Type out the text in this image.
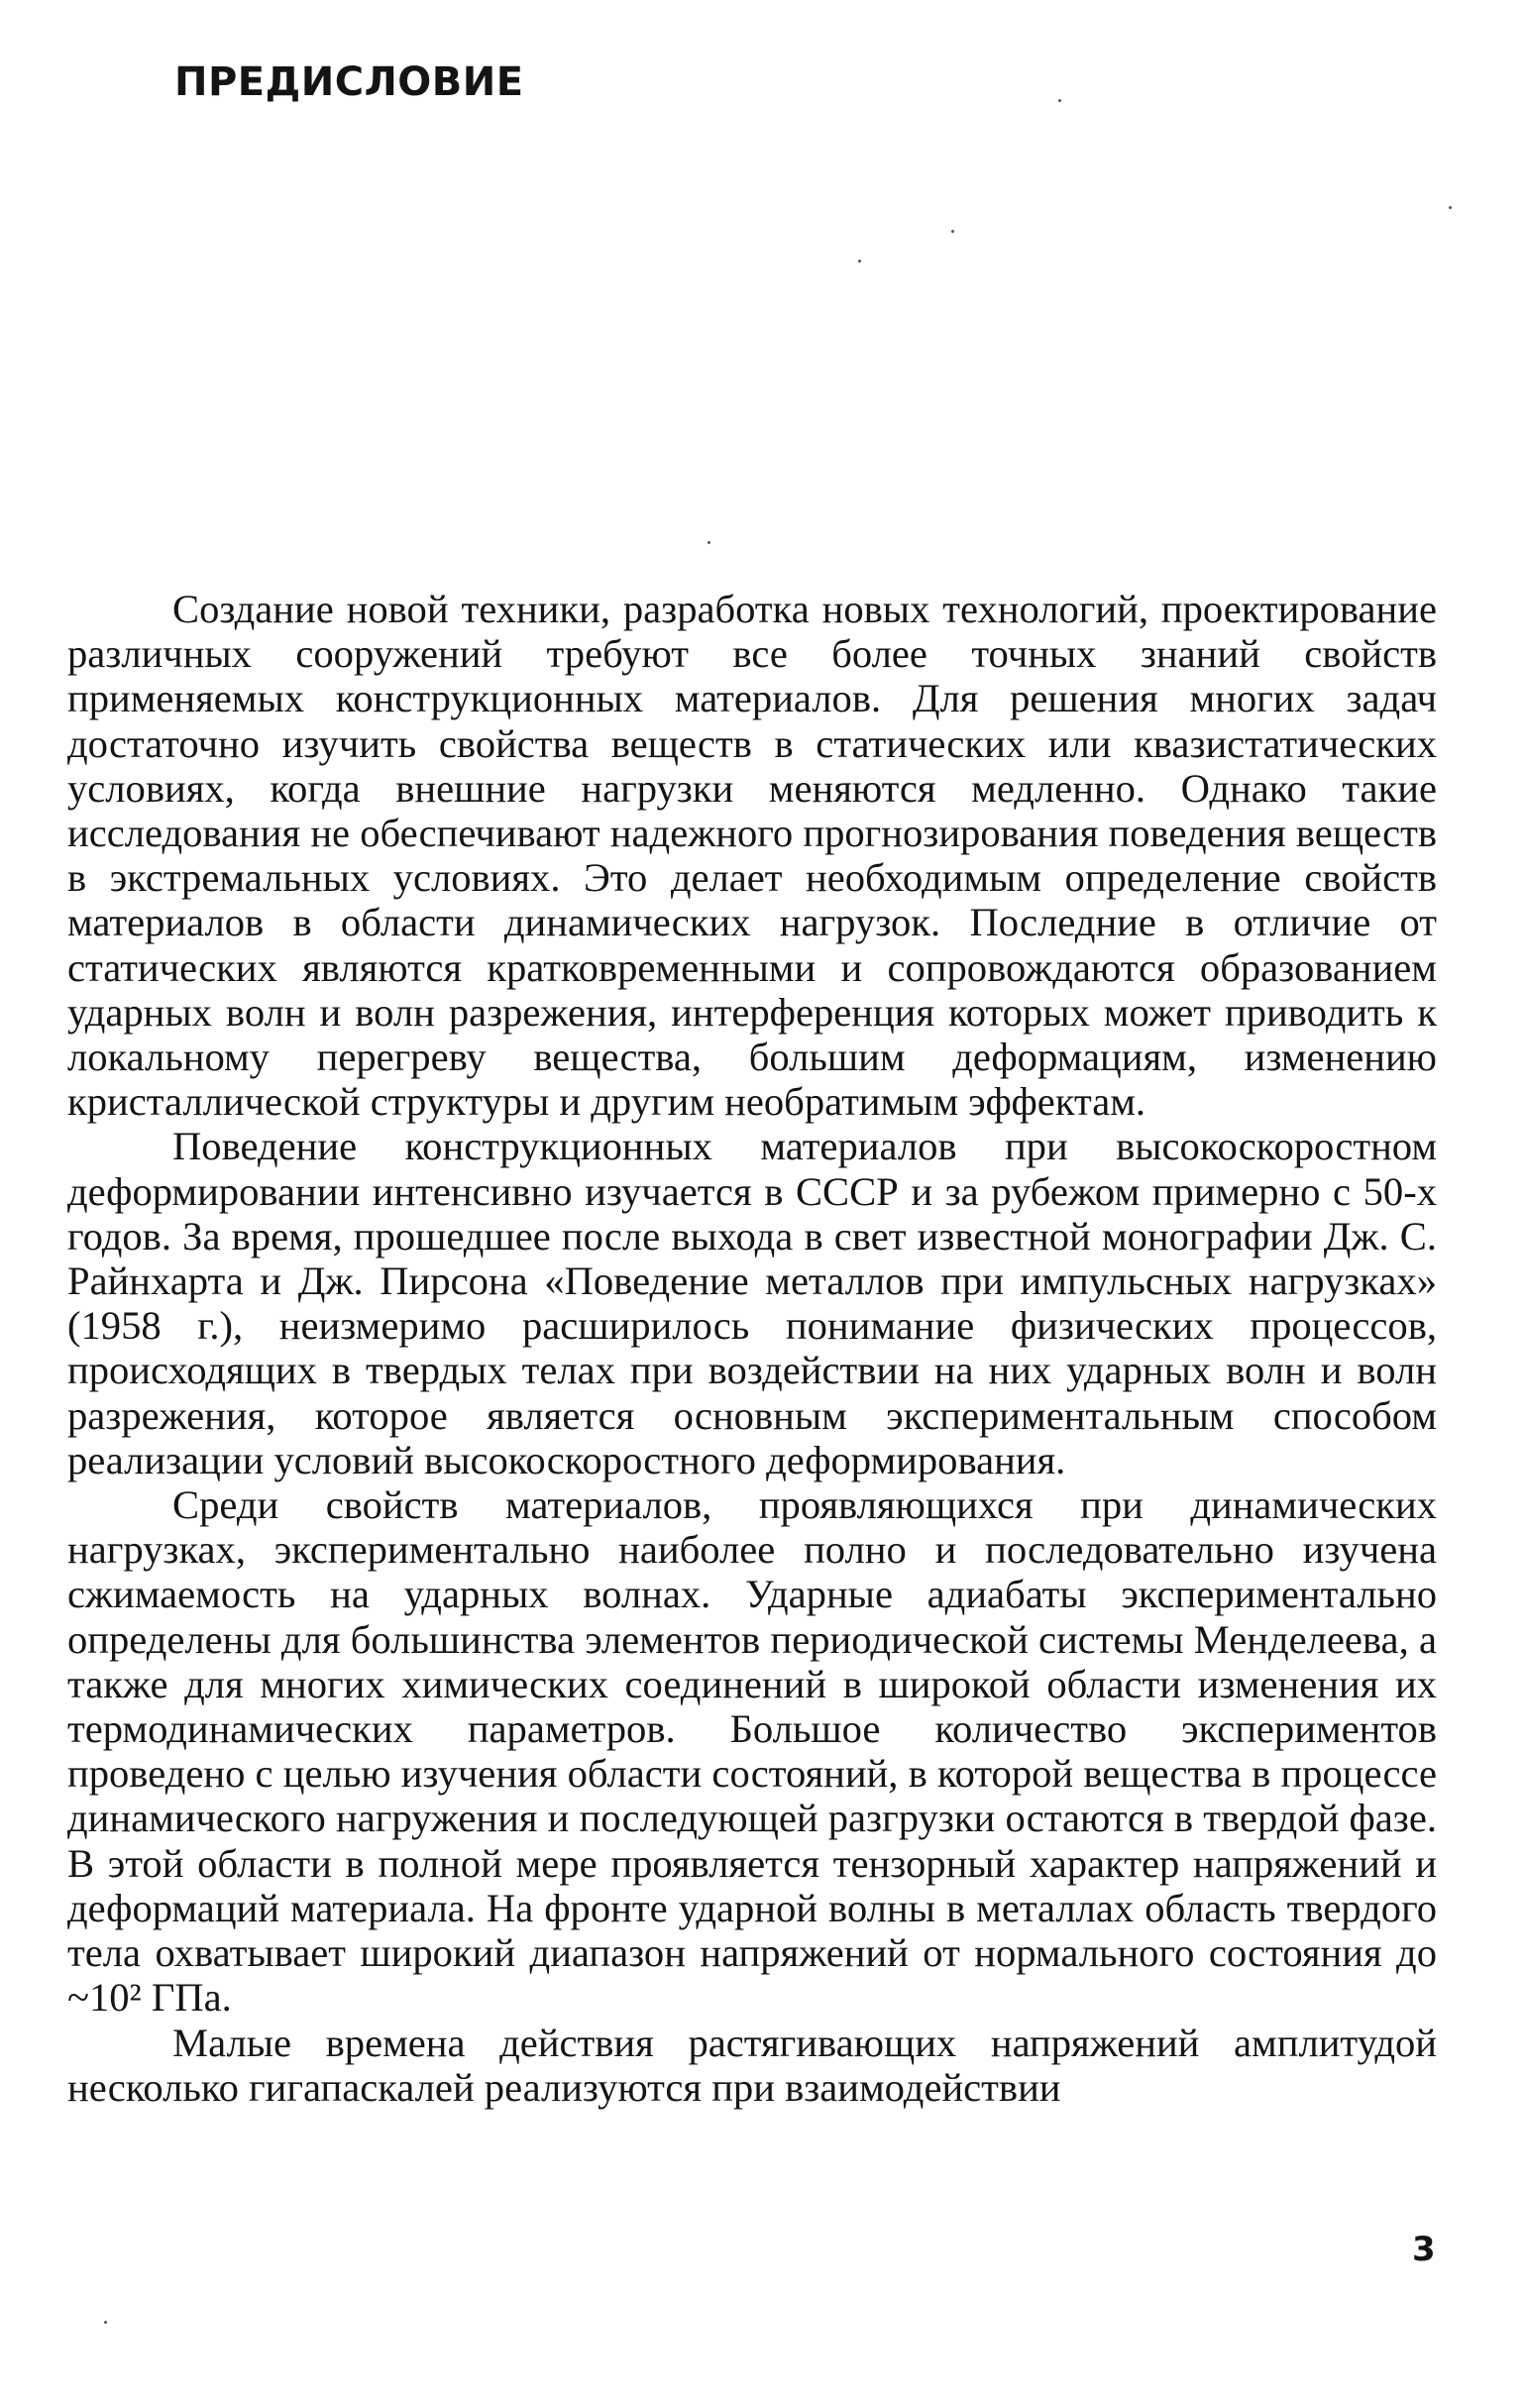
ПРЕДИСЛОВИЕ

Создание новой техники, разработка новых технологий, проектирование различных сооружений требуют все более точных знаний свойств применяемых конструкционных материалов. Для решения многих задач достаточно изучить свойства веществ в статических или квазистатических условиях, когда внешние нагрузки меняются медленно. Однако такие исследования не обеспечивают надежного прогнозирования поведения веществ в экстремальных условиях. Это делает необходимым определение свойств материалов в области динамических нагрузок. Последние в отличие от статических являются кратковременными и сопровождаются образованием ударных волн и волн разрежения, интерференция которых может приводить к локальному перегреву вещества, большим деформациям, изменению кристаллической структуры и другим необратимым эффектам.

Поведение конструкционных материалов при высокоскоростном деформировании интенсивно изучается в СССР и за рубежом примерно с 50-х годов. За время, прошедшее после выхода в свет известной монографии Дж. С. Райнхарта и Дж. Пирсона «Поведение металлов при импульсных нагрузках» (1958 г.), неизмеримо расширилось понимание физических процессов, происходящих в твердых телах при воздействии на них ударных волн и волн разрежения, которое является основным экспериментальным способом реализации условий высокоскоростного деформирования.

Среди свойств материалов, проявляющихся при динамических нагрузках, экспериментально наиболее полно и последовательно изучена сжимаемость на ударных волнах. Ударные адиабаты экспериментально определены для большинства элементов периодической системы Менделеева, а также для многих химических соединений в широкой области изменения их термодинамических параметров. Большое количество экспериментов проведено с целью изучения области состояний, в которой вещества в процессе динамического нагружения и последующей разгрузки остаются в твердой фазе. В этой области в полной мере проявляется тензорный характер напряжений и деформаций материала. На фронте ударной волны в металлах область твердого тела охватывает широкий диапазон напряжений от нормального состояния до ~10² ГПа.

Малые времена действия растягивающих напряжений амплитудой несколько гигапаскалей реализуются при взаимодействии

3
